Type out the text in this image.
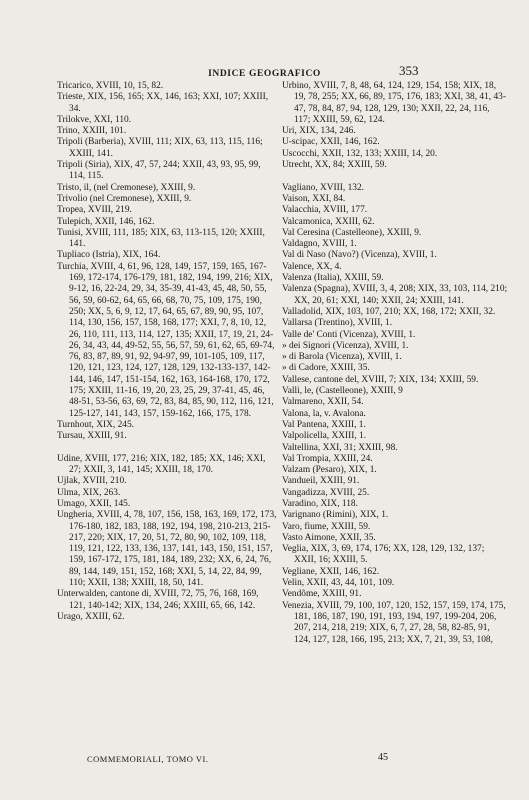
INDICE GEOGRAFICO	353
Tricarico, XVIII, 10, 15, 82.
Trieste, XIX, 156, 165; XX, 146, 163; XXI, 107; XXIII, 34.
Trilokve, XXI, 110.
Trino, XXIII, 101.
Tripoli (Barberia), XVIII, 111; XIX, 63, 113, 115, 116; XXIII, 141.
Tripoli (Siria), XIX, 47, 57, 244; XXII, 43, 93, 95, 99, 114, 115.
Tristo, il, (nel Cremonese), XXIII, 9.
Trivolio (nel Cremonese), XXIII, 9.
Tropea, XVIII, 219.
Tulepich, XXII, 146, 162.
Tunisi, XVIII, 111, 185; XIX, 63, 113-115, 120; XXIII, 141.
Tupliaco (Istria), XIX, 164.
Turchia, XVIII, 4, 61, 96, 128, 149, 157, 159, 165, 167-169, 172-174, 176-179, 181, 182, 194, 199, 216; XIX, 9-12, 16, 22-24, 29, 34, 35-39, 41-43, 45, 48, 50, 55, 56, 59, 60-62, 64, 65, 66, 68, 70, 75, 109, 175, 190, 250; XX, 5, 6, 9, 12, 17, 64, 65, 67, 89, 90, 95, 107, 114, 130, 156, 157, 158, 168, 177; XXI, 7, 8, 10, 12, 26, 110, 111, 113, 114, 127, 135; XXII, 17, 19, 21, 24-26, 34, 43, 44, 49-52, 55, 56, 57, 59, 61, 62, 65, 69-74, 76, 83, 87, 89, 91, 92, 94-97, 99, 101-105, 109, 117, 120, 121, 123, 124, 127, 128, 129, 132-133-137, 142-144, 146, 147, 151-154, 162, 163, 164-168, 170, 172, 175; XXIII, 11-16, 19, 20, 23, 25, 29, 37-41, 45, 46, 48-51, 53-56, 63, 69, 72, 83, 84, 85, 90, 112, 116, 121, 125-127, 141, 143, 157, 159-162, 166, 175, 178.
Turnhout, XIX, 245.
Tursau, XXIII, 91.
Udine, XVIII, 177, 216; XIX, 182, 185; XX, 146; XXI, 27; XXII, 3, 141, 145; XXIII, 18, 170.
Ujlak, XVIII, 210.
Ulma, XIX, 263.
Umago, XXII, 145.
Ungheria, XVIII, 4, 78, 107, 156, 158, 163, 169, 172, 173, 176-180, 182, 183, 188, 192, 194, 198, 210-213, 215-217, 220; XIX, 17, 20, 51, 72, 80, 90, 102, 109, 118, 119, 121, 122, 133, 136, 137, 141, 143, 150, 151, 157, 159, 167-172, 175, 181, 184, 189, 232; XX, 6, 24, 76, 89, 144, 149, 151, 152, 168; XXI, 5, 14, 22, 84, 99, 110; XXII, 138; XXIII, 18, 50, 141.
Unterwalden, cantone di, XVIII, 72, 75, 76, 168, 169, 121, 140-142; XIX, 134, 246; XXIII, 65, 66, 142.
Urago, XXIII, 62.
Urbino, XVIII, 7, 8, 48, 64, 124, 129, 154, 158; XIX, 18, 19, 78, 255; XX, 66, 89, 175, 176, 183; XXI, 38, 41, 43-47, 78, 84, 87, 94, 128, 129, 130; XXII, 22, 24, 116, 117; XXIII, 59, 62, 124.
Uri, XIX, 134, 246.
U-scipac, XXII, 146, 162.
Uscocchi, XXII, 132, 133; XXIII, 14, 20.
Utrecht, XX, 84; XXIII, 59.
Vagliano, XVIII, 132.
Vaison, XXI, 84.
Valacchia, XVIII, 177.
Valcamonica, XXIII, 62.
Val Ceresina (Castelleone), XXIII, 9.
Valdagno, XVIII, 1.
Val di Naso (Navo?) (Vicenza), XVIII, 1.
Valence, XX, 4.
Valenza (Italia), XXIII, 59.
Valenza (Spagna), XVIII, 3, 4, 208; XIX, 33, 103, 114, 210; XX, 20, 61; XXI, 140; XXII, 24; XXIII, 141.
Valladolid, XIX, 103, 107, 210; XX, 168, 172; XXII, 32.
Vallarsa (Trentino), XVIII, 1.
Valle de' Conti (Vicenza), XVIII, 1.
» dei Signori (Vicenza), XVIII, 1.
» di Barola (Vicenza), XVIII, 1.
» di Cadore, XXIII, 35.
Vallese, cantone del, XVIII, 7; XIX, 134; XXIII, 59.
Valli, le, (Castelleone), XXIII, 9
Valmareno, XXII, 54.
Valona, la, v. Avalona.
Val Pantena, XXIII, 1.
Valpolicella, XXIII, 1.
Valtellina, XXI, 31; XXIII, 98.
Val Trompia, XXIII, 24.
Valzam (Pesaro), XIX, 1.
Vandueil, XXIII, 91.
Vangadizza, XVIII, 25.
Varadino, XIX, 118.
Varignano (Rimini), XIX, 1.
Varo, fiume, XXIII, 59.
Vasto Aimone, XXII, 35.
Veglia, XIX, 3, 69, 174, 176; XX, 128, 129, 132, 137; XXII, 16; XXIII, 5.
Vegliane, XXII, 146, 162.
Velin, XXII, 43, 44, 101, 109.
Vendôme, XXIII, 91.
Venezia, XVIII, 79, 100, 107, 120, 152, 157, 159, 174, 175, 181, 186, 187, 190, 191, 193, 194, 197, 199-204, 206, 207, 214, 218, 219; XIX, 6, 7, 27, 28, 58, 82-85, 91, 124, 127, 128, 166, 195, 213; XX, 7, 21, 39, 53, 108,
COMMEMORIALI, TOMO VI.	45
